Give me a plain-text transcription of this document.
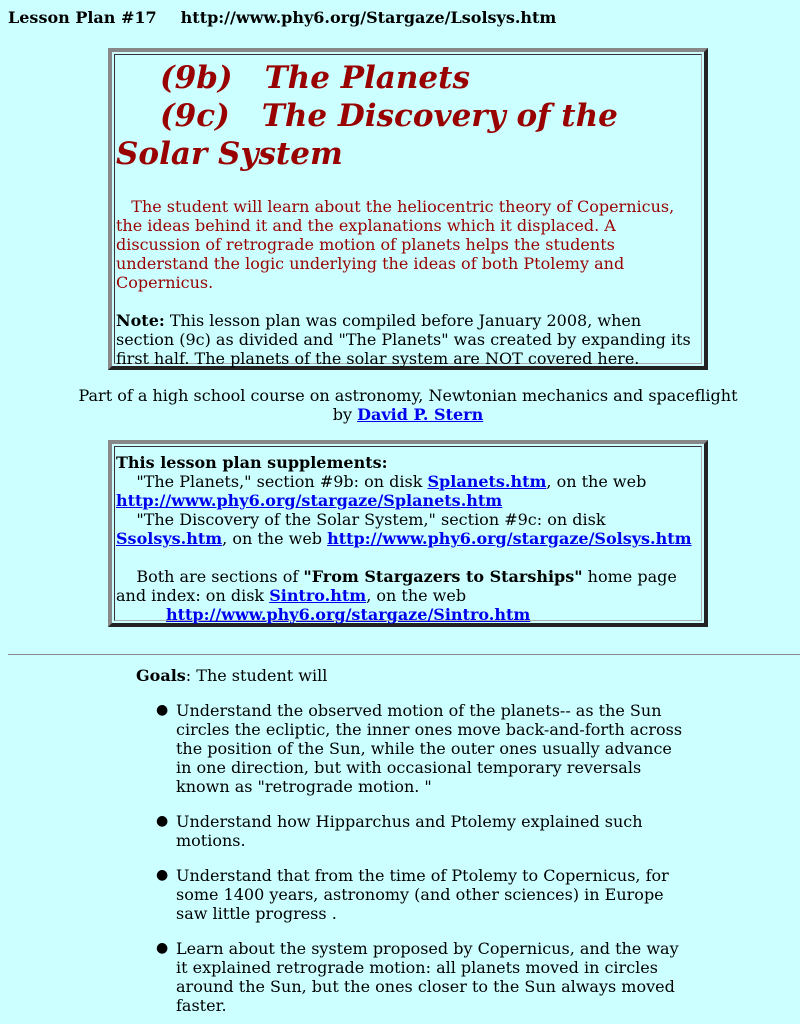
Lesson Plan #17 http://www.phy6.org/Stargaze/Lsolsys.htm
(9b) The Planets
(9c) The Discovery of the
Solar System

The student will learn about the heliocentric theory of Copernicus, the ideas behind it and the explanations which it displaced. A discussion of retrograde motion of planets helps the students understand the logic underlying the ideas of both Ptolemy and Copernicus.

Note: This lesson plan was compiled before January 2008, when section (9c) as divided and "The Planets" was created by expanding its first half. The planets of the solar system are NOT covered here.

Part of a high school course on astronomy, Newtonian mechanics and spaceflight
by David P. Stern
This lesson plan supplements:
"The Planets," section #9b: on disk Splanets.htm, on the web
http://www.phy6.org/stargaze/Splanets.htm
"The Discovery of the Solar System," section #9c: on disk
Ssolsys.htm, on the web http://www.phy6.org/stargaze/Solsys.htm

Both are sections of "From Stargazers to Starships" home page and index: on disk Sintro.htm, on the web
http://www.phy6.org/stargaze/Sintro.htm
Goals: The student will
● Understand the observed motion of the planets-- as the Sun circles the ecliptic, the inner ones move back-and-forth across the position of the Sun, while the outer ones usually advance in one direction, but with occasional temporary reversals known as "retrograde motion. "
● Understand how Hipparchus and Ptolemy explained such motions.
● Understand that from the time of Ptolemy to Copernicus, for some 1400 years, astronomy (and other sciences) in Europe saw little progress .
● Learn about the system proposed by Copernicus, and the way it explained retrograde motion: all planets moved in circles around the Sun, but the ones closer to the Sun always moved faster.
